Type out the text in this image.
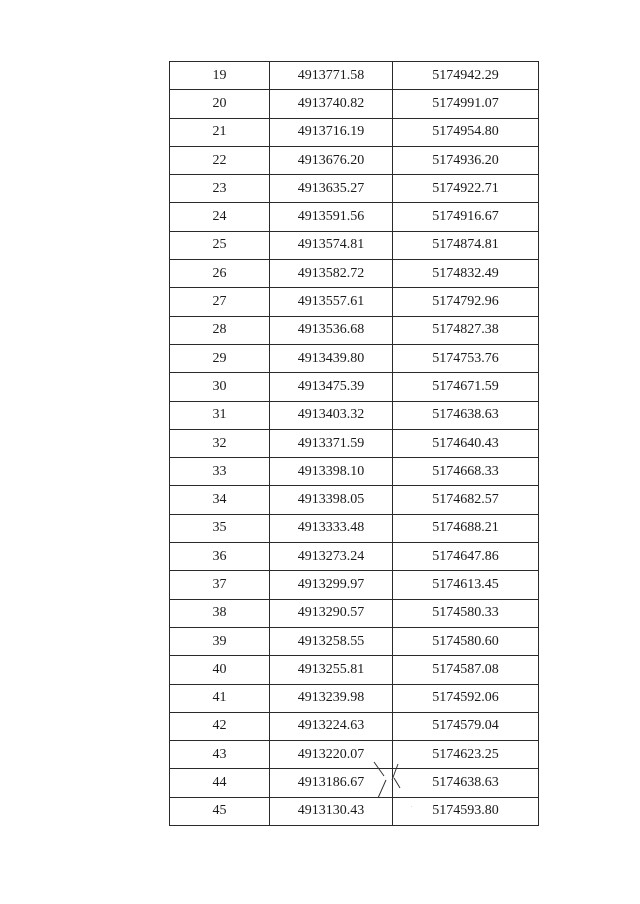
19	4913771.58	5174942.29
20	4913740.82	5174991.07
21	4913716.19	5174954.80
22	4913676.20	5174936.20
23	4913635.27	5174922.71
24	4913591.56	5174916.67
25	4913574.81	5174874.81
26	4913582.72	5174832.49
27	4913557.61	5174792.96
28	4913536.68	5174827.38
29	4913439.80	5174753.76
30	4913475.39	5174671.59
31	4913403.32	5174638.63
32	4913371.59	5174640.43
33	4913398.10	5174668.33
34	4913398.05	5174682.57
35	4913333.48	5174688.21
36	4913273.24	5174647.86
37	4913299.97	5174613.45
38	4913290.57	5174580.33
39	4913258.55	5174580.60
40	4913255.81	5174587.08
41	4913239.98	5174592.06
42	4913224.63	5174579.04
43	4913220.07	5174623.25
44	4913186.67	5174638.63
45	4913130.43	5174593.80
